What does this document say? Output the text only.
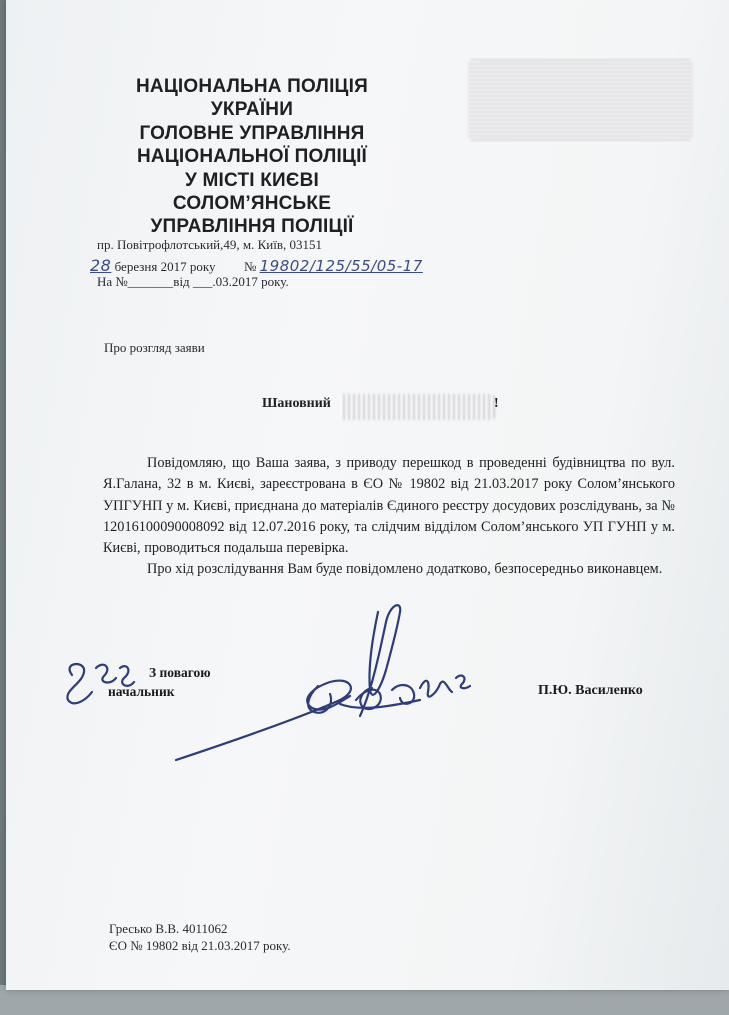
НАЦІОНАЛЬНА ПОЛІЦІЯ
УКРАЇНИ
ГОЛОВНЕ УПРАВЛІННЯ
НАЦІОНАЛЬНОЇ ПОЛІЦІЇ
У МІСТІ КИЄВІ
СОЛОМ’ЯНСЬКЕ
УПРАВЛІННЯ ПОЛІЦІЇ
пр. Повітрофлотський,49, м. Київ, 03151
28 березня 2017 року № 19802/125/55/05-17
На №_______від ___.03.2017 року.
Про розгляд заяви
Шановний	!

Повідомляю, що Ваша заява, з приводу перешкод в проведенні будівництва по вул. Я.Галана, 32 в м. Києві, зареєстрована в ЄО № 19802 від 21.03.2017 року Солом’янського УПГУНП у м. Києві, приєднана до матеріалів Єдиного реєстру досудових розслідувань, за № 12016100090008092 від 12.07.2016 року, та слідчим відділом Солом’янського УП ГУНП у м. Києві, проводиться подальша перевірка.

Про хід розслідування Вам буде повідомлено додатково, безпосередньо виконавцем.

З повагою
начальник	П.Ю. Василенко
Гресько В.В. 4011062
ЄО № 19802 від 21.03.2017 року.
